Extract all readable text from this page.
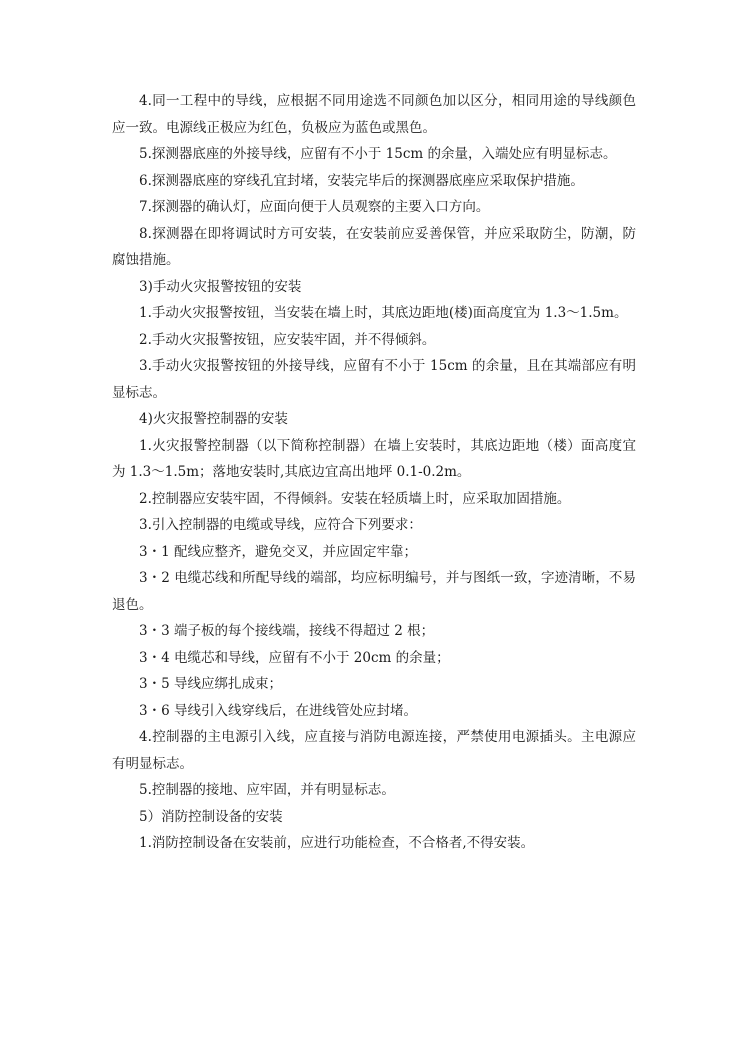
4.同一工程中的导线，应根据不同用途选不同颜色加以区分，相同用途的导线颜色应一致。电源线正极应为红色，负极应为蓝色或黑色。

5.探测器底座的外接导线，应留有不小于 15cm 的余量，入端处应有明显标志。

6.探测器底座的穿线孔宜封堵，安装完毕后的探测器底座应采取保护措施。

7.探测器的确认灯，应面向便于人员观察的主要入口方向。

8.探测器在即将调试时方可安装，在安装前应妥善保管，并应采取防尘，防潮，防腐蚀措施。

3)手动火灾报警按钮的安装

1.手动火灾报警按钮，当安装在墙上时，其底边距地(楼)面高度宜为 1.3～1.5m。

2.手动火灾报警按钮，应安装牢固，并不得倾斜。

3.手动火灾报警按钮的外接导线，应留有不小于 15cm 的余量，且在其端部应有明显标志。

4)火灾报警控制器的安装

1.火灾报警控制器（以下简称控制器）在墙上安装时，其底边距地（楼）面高度宜为 1.3～1.5m；落地安装时,其底边宜高出地坪 0.1-0.2m。

2.控制器应安装牢固，不得倾斜。安装在轻质墙上时，应采取加固措施。

3.引入控制器的电缆或导线，应符合下列要求：

3・1 配线应整齐，避免交叉，并应固定牢靠；

3・2 电缆芯线和所配导线的端部，均应标明编号，并与图纸一致，字迹清晰，不易退色。

3・3 端子板的每个接线端，接线不得超过 2 根；

3・4 电缆芯和导线，应留有不小于 20cm 的余量；

3・5 导线应绑扎成束；

3・6 导线引入线穿线后，在进线管处应封堵。

4.控制器的主电源引入线，应直接与消防电源连接，严禁使用电源插头。主电源应有明显标志。

5.控制器的接地、应牢固，并有明显标志。

5）消防控制设备的安装

1.消防控制设备在安装前，应进行功能检查，不合格者,不得安装。
